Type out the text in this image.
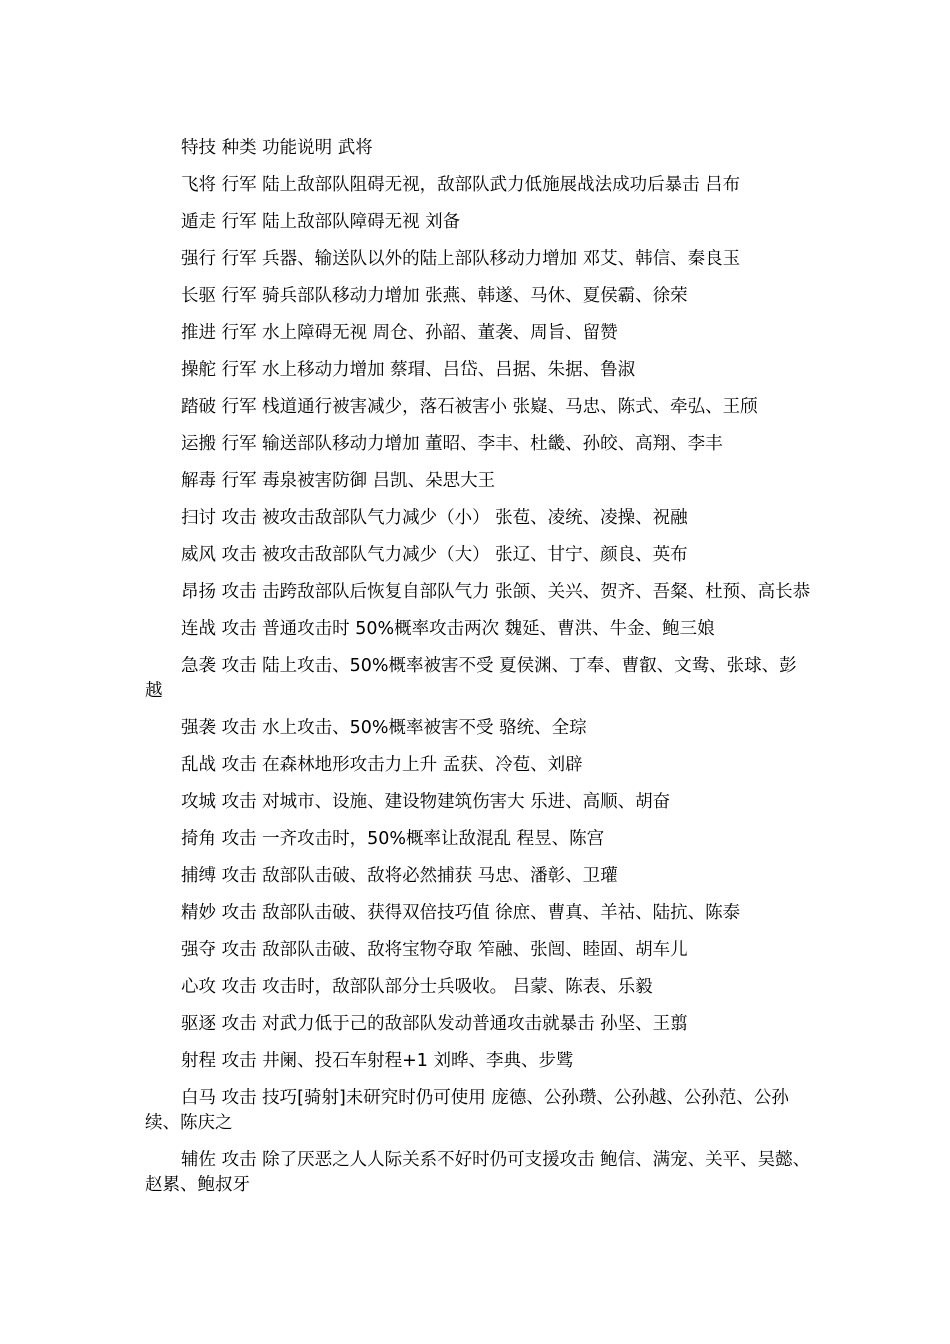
特技 种类 功能说明 武将

飞将 行军 陆上敌部队阻碍无视，敌部队武力低施展战法成功后暴击 吕布

遁走 行军 陆上敌部队障碍无视 刘备

强行 行军 兵器、输送队以外的陆上部队移动力增加 邓艾、韩信、秦良玉

长驱 行军 骑兵部队移动力增加 张燕、韩遂、马休、夏侯霸、徐荣

推进 行军 水上障碍无视 周仓、孙韶、董袭、周旨、留赞

操舵 行军 水上移动力增加 蔡瑁、吕岱、吕据、朱据、鲁淑

踏破 行军 栈道通行被害减少，落石被害小 张嶷、马忠、陈式、牵弘、王颀

运搬 行军 输送部队移动力增加 董昭、李丰、杜畿、孙皎、高翔、李丰

解毒 行军 毒泉被害防御 吕凯、朵思大王

扫讨 攻击 被攻击敌部队气力减少（小） 张苞、凌统、凌操、祝融

威风 攻击 被攻击敌部队气力减少（大） 张辽、甘宁、颜良、英布

昂扬 攻击 击跨敌部队后恢复自部队气力 张颌、关兴、贺齐、吾粲、杜预、高长恭

连战 攻击 普通攻击时 50%概率攻击两次 魏延、曹洪、牛金、鲍三娘

急袭 攻击 陆上攻击、50%概率被害不受 夏侯渊、丁奉、曹叡、文鸯、张球、彭越

强袭 攻击 水上攻击、50%概率被害不受 骆统、全琮

乱战 攻击 在森林地形攻击力上升 孟获、冷苞、刘辟

攻城 攻击 对城市、设施、建设物建筑伤害大 乐进、高顺、胡奋

掎角 攻击 一齐攻击时，50%概率让敌混乱 程昱、陈宫

捕缚 攻击 敌部队击破、敌将必然捕获 马忠、潘彰、卫瓘

精妙 攻击 敌部队击破、获得双倍技巧值 徐庶、曹真、羊祜、陆抗、陈泰

强夺 攻击 敌部队击破、敌将宝物夺取 笮融、张闿、睦固、胡车儿

心攻 攻击 攻击时，敌部队部分士兵吸收。 吕蒙、陈表、乐毅

驱逐 攻击 对武力低于己的敌部队发动普通攻击就暴击 孙坚、王翦

射程 攻击 井阑、投石车射程+1 刘晔、李典、步骘

白马 攻击 技巧[骑射]未研究时仍可使用 庞德、公孙瓒、公孙越、公孙范、公孙续、陈庆之

辅佐 攻击 除了厌恶之人人际关系不好时仍可支援攻击 鲍信、满宠、关平、吴懿、赵累、鲍叔牙
